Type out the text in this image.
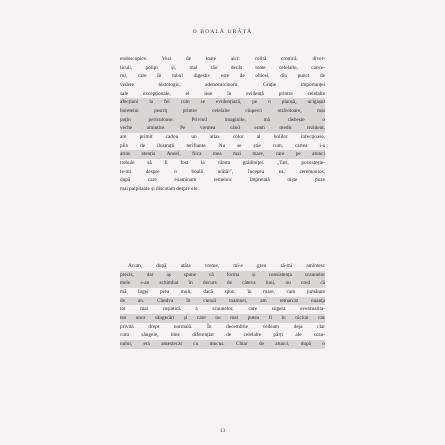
O BOALĂ URÂTĂ
endoscopice. Vezi de toate aici: colită cronică, diver-
ticuli, polipi și, mai rău decât toate celelalte, cance-
rul, care în tubul digestiv este de obicei, din punct de
vedere histologic, adenocarcinom. Grație importanței
sale excepționale, el iese în evidență printre celelalte
afecțiuni la fel cum se evidențiază, pe o planșă, ucigașul
buretelui pestriț printre celelalte ciuperci otrăvitoare, mai
puțin periculoase. Privind imaginile, mă răsbește o
veche amintire. Pe vremea când eram medic rezident,
am primit cadou un atlas color al bolilor infecțioase,
plin de ilustrații terifiante. Nu se știe cum, cartea i-a
atras atenția Annei, fiica mea mai mare, care pe atunci
trebuie să fi fost la vârsta grădiniței. „Tati, povestește-
te-mi despre o boală urâtă!", începea ea, ceremonios,
după care examinam temeinic împreună niște poze
mai palpitante și discutam despre ele.
Acum, după atâta vreme, mi-e greu să-mi amintesc
precis, dar aș spune că forma și consistența scaunelor
mele s-au schimbat în decurs de câteva luni, nu cred că
mă îngel prea mult, dacă spun, în mare, cam jumătate
de an. Cândva în cursul toamnei, am remarcat nuanța
tot mai roșiatică a scaunelor, care sugera eventualita-
tea unor sângerări și care nu mai putea fi în niciun caz
privită drept normală. În decembrie vedeam deja clar
cum sângele, bine diferențiat de celelalte părți ale scau-
nului, era amestecat cu mucus. Chiar de atunci, după o
13
